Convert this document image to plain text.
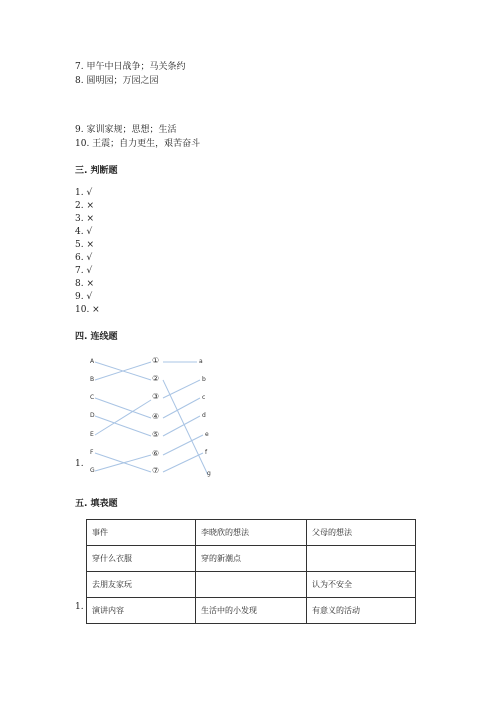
7. 甲午中日战争；马关条约
8. 圆明园；万园之园
9. 家训家规；思想；生活
10. 王震；自力更生，艰苦奋斗
三. 判断题
1. √
2. ×
3. ×
4. √
5. ×
6. √
7. √
8. ×
9. √
10. ×
四. 连线题
A
B
C
D
E
F
G
①
②
③
④
⑤
⑥
⑦
a
b
c
d
e
f
g
1.
五. 填表题
事件	李晓欣的想法	父母的想法
穿什么衣服	穿的新潮点	
去朋友家玩		认为不安全
演讲内容	生活中的小发现	有意义的活动
1.
